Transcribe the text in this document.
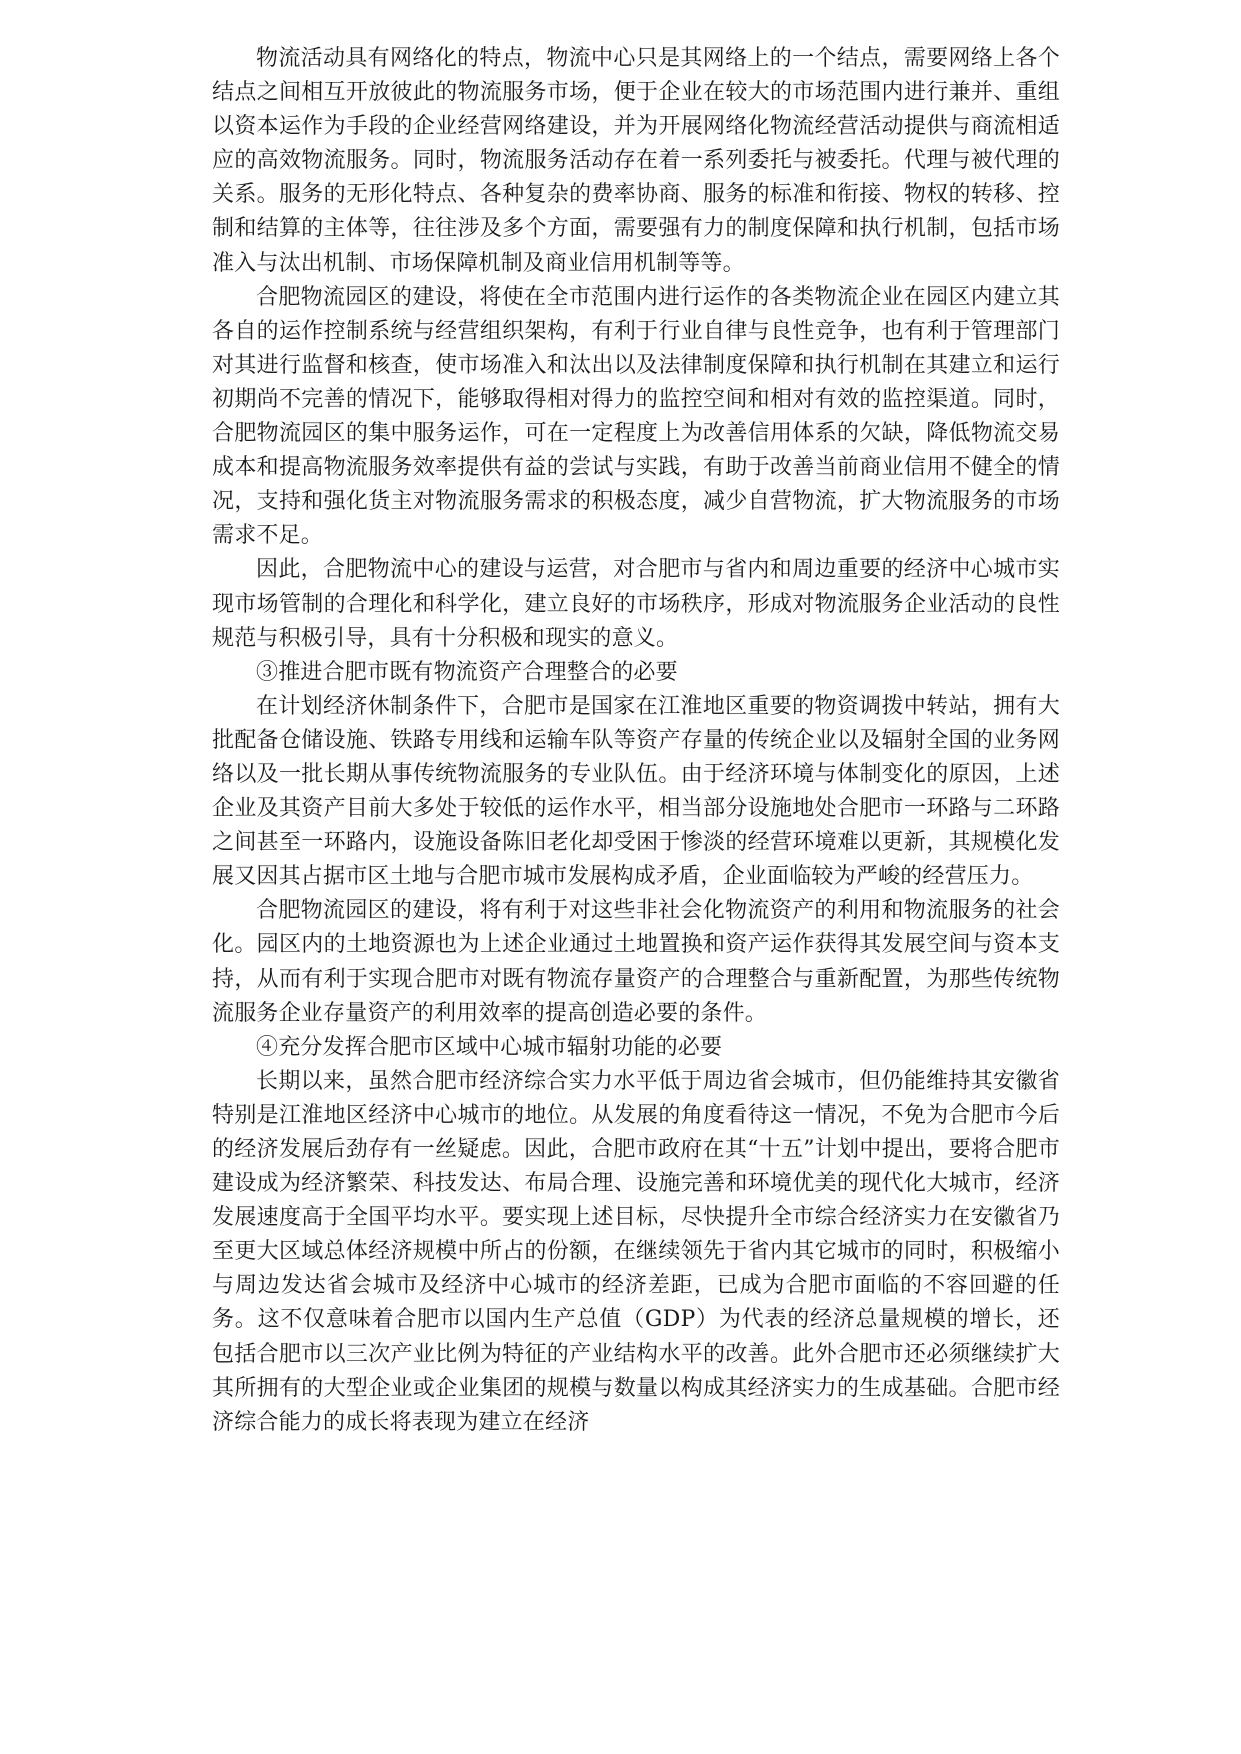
物流活动具有网络化的特点，物流中心只是其网络上的一个结点，需要网络上各个结点之间相互开放彼此的物流服务市场，便于企业在较大的市场范围内进行兼并、重组以资本运作为手段的企业经营网络建设，并为开展网络化物流经营活动提供与商流相适应的高效物流服务。同时，物流服务活动存在着一系列委托与被委托。代理与被代理的关系。服务的无形化特点、各种复杂的费率协商、服务的标准和衔接、物权的转移、控制和结算的主体等，往往涉及多个方面，需要强有力的制度保障和执行机制，包括市场准入与汰出机制、市场保障机制及商业信用机制等等。

合肥物流园区的建设，将使在全市范围内进行运作的各类物流企业在园区内建立其各自的运作控制系统与经营组织架构，有利于行业自律与良性竞争，也有利于管理部门对其进行监督和核查，使市场准入和汰出以及法律制度保障和执行机制在其建立和运行初期尚不完善的情况下，能够取得相对得力的监控空间和相对有效的监控渠道。同时，合肥物流园区的集中服务运作，可在一定程度上为改善信用体系的欠缺，降低物流交易成本和提高物流服务效率提供有益的尝试与实践，有助于改善当前商业信用不健全的情况，支持和强化货主对物流服务需求的积极态度，减少自营物流，扩大物流服务的市场需求不足。

因此，合肥物流中心的建设与运营，对合肥市与省内和周边重要的经济中心城市实现市场管制的合理化和科学化，建立良好的市场秩序，形成对物流服务企业活动的良性规范与积极引导，具有十分积极和现实的意义。

③推进合肥市既有物流资产合理整合的必要

在计划经济休制条件下，合肥市是国家在江淮地区重要的物资调拨中转站，拥有大批配备仓储设施、铁路专用线和运输车队等资产存量的传统企业以及辐射全国的业务网络以及一批长期从事传统物流服务的专业队伍。由于经济环境与体制变化的原因，上述企业及其资产目前大多处于较低的运作水平，相当部分设施地处合肥市一环路与二环路之间甚至一环路内，设施设备陈旧老化却受困于惨淡的经营环境难以更新，其规模化发展又因其占据市区土地与合肥市城市发展构成矛盾，企业面临较为严峻的经营压力。

合肥物流园区的建设，将有利于对这些非社会化物流资产的利用和物流服务的社会化。园区内的土地资源也为上述企业通过土地置换和资产运作获得其发展空间与资本支持，从而有利于实现合肥市对既有物流存量资产的合理整合与重新配置，为那些传统物流服务企业存量资产的利用效率的提高创造必要的条件。

④充分发挥合肥市区域中心城市辐射功能的必要

长期以来，虽然合肥市经济综合实力水平低于周边省会城市，但仍能维持其安徽省特别是江淮地区经济中心城市的地位。从发展的角度看待这一情况，不免为合肥市今后的经济发展后劲存有一丝疑虑。因此，合肥市政府在其“十五”计划中提出，要将合肥市建设成为经济繁荣、科技发达、布局合理、设施完善和环境优美的现代化大城市，经济发展速度高于全国平均水平。要实现上述目标，尽快提升全市综合经济实力在安徽省乃至更大区域总体经济规模中所占的份额，在继续领先于省内其它城市的同时，积极缩小与周边发达省会城市及经济中心城市的经济差距，已成为合肥市面临的不容回避的任务。这不仅意味着合肥市以国内生产总值（GDP）为代表的经济总量规模的增长，还包括合肥市以三次产业比例为特征的产业结构水平的改善。此外合肥市还必须继续扩大其所拥有的大型企业或企业集团的规模与数量以构成其经济实力的生成基础。合肥市经济综合能力的成长将表现为建立在经济
